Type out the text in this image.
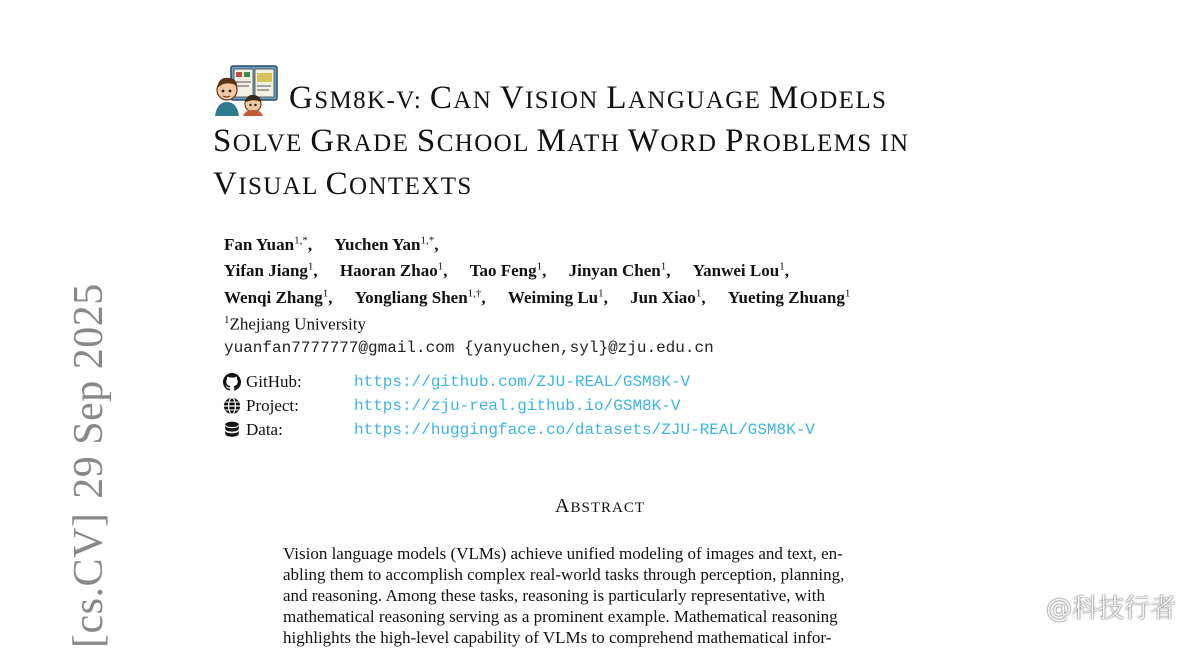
[cs.CV]29 Sep 2025
GSM8K-V: CAN VISION LANGUAGE MODELS
SOLVE GRADE SCHOOL MATH WORD PROBLEMS IN
VISUAL CONTEXTS
Fan Yuan$^{1,*}$, Yuchen Yan$^{1,*}$,
Yifan Jiang$^1$, Haoran Zhao$^1$, Tao Feng$^1$, Jinyan Chen$^1$, Yanwei Lou$^1$,
Wenqi Zhang$^1$, Yongliang Shen$^{1,\dagger}$, Weiming Lu$^1$, Jun Xiao$^1$, Yueting Zhuang$^1$
$^1$Zhejiang University
yuanfan7777777@gmail.com {yanyuchen,syl}@zju.edu.cn
GitHub:	https://github.com/ZJU-REAL/GSM8K-V
Project:	https://zju-real.github.io/GSM8K-V
Data:	https://huggingface.co/datasets/ZJU-REAL/GSM8K-V
ABSTRACT
Vision language models (VLMs) achieve unified modeling of images and text, en-
abling them to accomplish complex real-world tasks through perception, planning,
and reasoning. Among these tasks, reasoning is particularly representative, with
mathematical reasoning serving as a prominent example. Mathematical reasoning
highlights the high-level capability of VLMs to comprehend mathematical infor-
@科技行者
